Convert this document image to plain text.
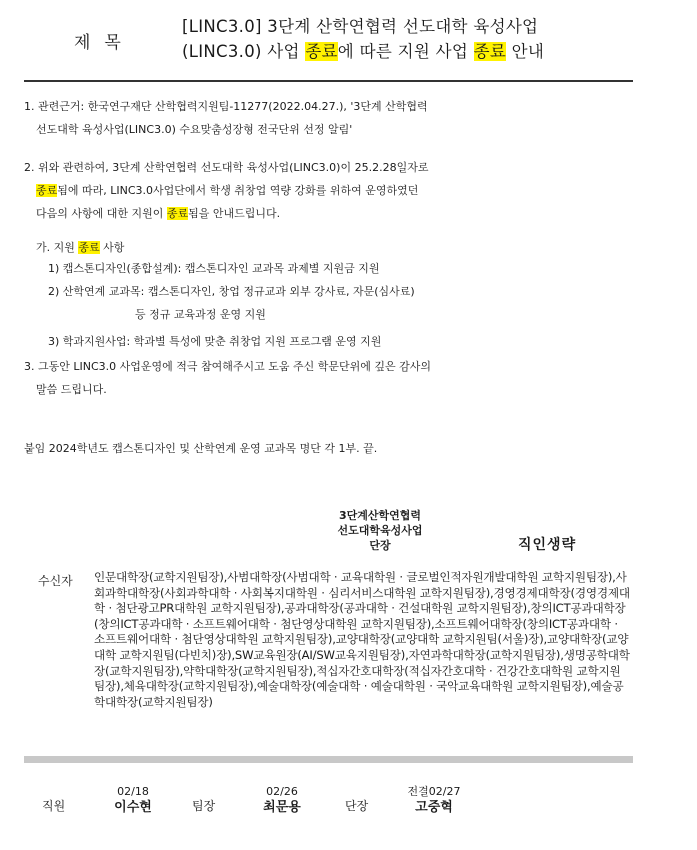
제목
[LINC3.0] 3단계 산학연협력 선도대학 육성사업
(LINC3.0) 사업 종료에 따른 지원 사업 종료 안내
1. 관련근거: 한국연구재단 산학협력지원팀-11277(2022.04.27.), '3단계 산학협력
선도대학 육성사업(LINC3.0) 수요맞춤성장형 전국단위 선정 알림'
2. 위와 관련하여, 3단계 산학연협력 선도대학 육성사업(LINC3.0)이 25.2.28일자로
종료됨에 따라, LINC3.0사업단에서 학생 취창업 역량 강화를 위하여 운영하였던
다음의 사항에 대한 지원이 종료됨을 안내드립니다.
가. 지원 종료 사항
1) 캡스톤디자인(종합설계): 캡스톤디자인 교과목 과제별 지원금 지원
2) 산학연계 교과목: 캡스톤디자인, 창업 정규교과 외부 강사료, 자문(심사료)
등 정규 교육과정 운영 지원
3) 학과지원사업: 학과별 특성에 맞춘 취창업 지원 프로그램 운영 지원
3. 그동안 LINC3.0 사업운영에 적극 참여해주시고 도움 주신 학문단위에 깊은 감사의
말씀 드립니다.
붙임 2024학년도 캡스톤디자인 및 산학연계 운영 교과목 명단 각 1부. 끝.
3단계산학연협력
선도대학육성사업
단장	직인생략
수신자 인문대학장(교학지원팀장),사범대학장(사범대학 · 교육대학원 · 글로벌인적자원개발대학원 교학지원팀장),사회과학대학장(사회과학대학 · 사회복지대학원 · 심리서비스대학원 교학지원팀장),경영경제대학장(경영경제대학 · 첨단광고PR대학원 교학지원팀장),공과대학장(공과대학 · 건설대학원 교학지원팀장),창의ICT공과대학장(창의ICT공과대학 · 소프트웨어대학 · 첨단영상대학원 교학지원팀장),소프트웨어대학장(창의ICT공과대학 · 소프트웨어대학 · 첨단영상대학원 교학지원팀장),교양대학장(교양대학 교학지원팀(서울)장),교양대학장(교양대학 교학지원팀(다빈치)장),SW교육원장(AI/SW교육지원팀장),자연과학대학장(교학지원팀장),생명공학대학장(교학지원팀장),약학대학장(교학지원팀장),적십자간호대학장(적십자간호대학 · 건강간호대학원 교학지원팀장),체육대학장(교학지원팀장),예술대학장(예술대학 · 예술대학원 · 국악교육대학원 교학지원팀장),예술공학대학장(교학지원팀장)
직원
02/18
이수현	팀장
02/26
최문용	단장
전결02/27
고중혁
